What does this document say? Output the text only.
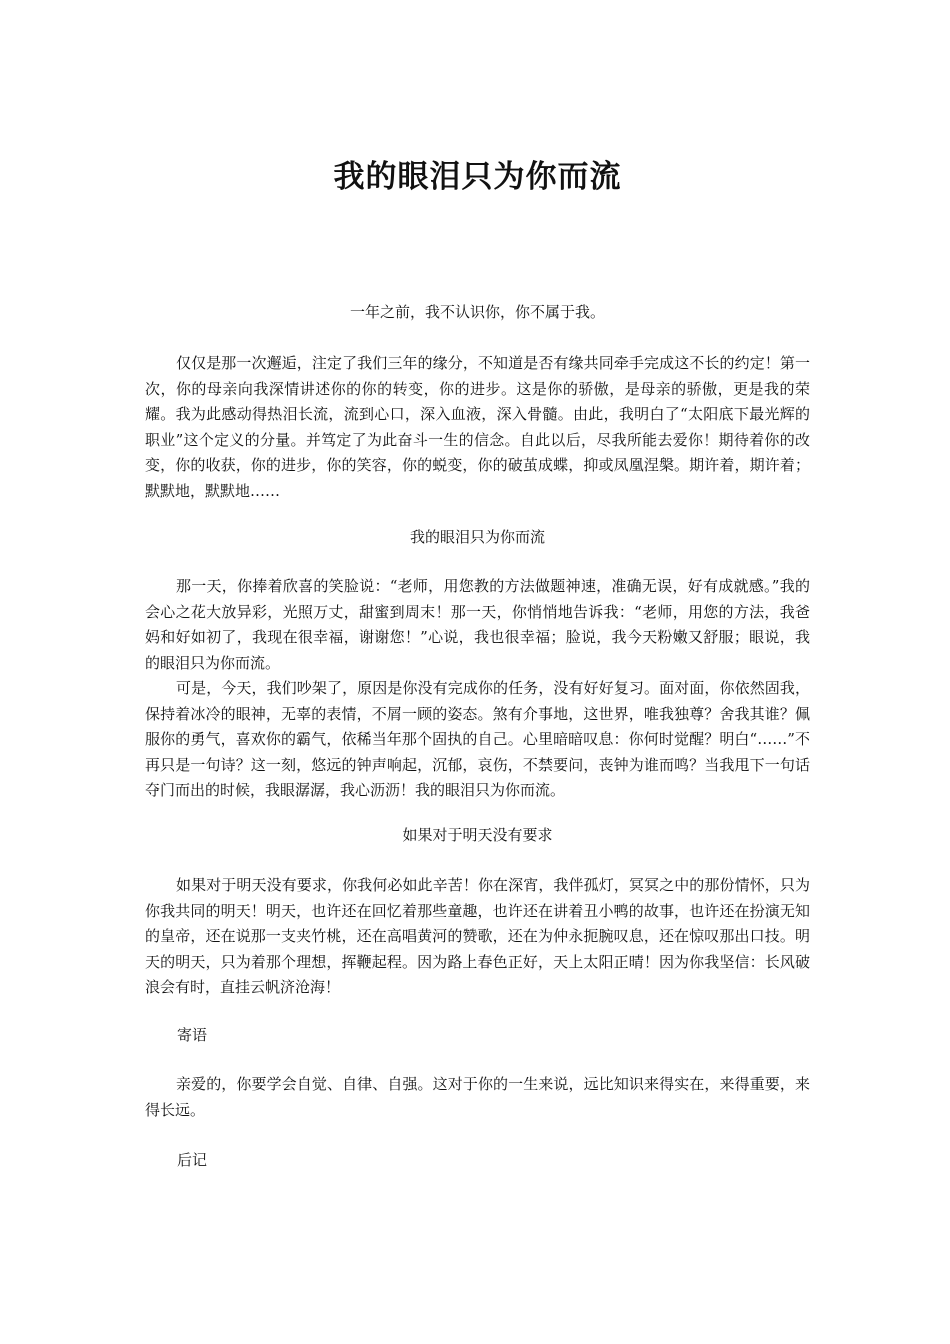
我的眼泪只为你而流

一年之前，我不认识你，你不属于我。

仅仅是那一次邂逅，注定了我们三年的缘分，不知道是否有缘共同牵手完成这不长的约定！第一次，你的母亲向我深情讲述你的你的转变，你的进步。这是你的骄傲，是母亲的骄傲，更是我的荣耀。我为此感动得热泪长流，流到心口，深入血液，深入骨髓。由此，我明白了“太阳底下最光辉的职业”这个定义的分量。并笃定了为此奋斗一生的信念。自此以后，尽我所能去爱你！期待着你的改变，你的收获，你的进步，你的笑容，你的蜕变，你的破茧成蝶，抑或凤凰涅槃。期许着，期许着；默默地，默默地……

我的眼泪只为你而流

那一天，你捧着欣喜的笑脸说：“老师，用您教的方法做题神速，准确无误，好有成就感。”我的会心之花大放异彩，光照万丈，甜蜜到周末！那一天，你悄悄地告诉我：“老师，用您的方法，我爸妈和好如初了，我现在很幸福，谢谢您！”心说，我也很幸福；脸说，我今天粉嫩又舒服；眼说，我的眼泪只为你而流。

可是，今天，我们吵架了，原因是你没有完成你的任务，没有好好复习。面对面，你依然固我，保持着冰冷的眼神，无辜的表情，不屑一顾的姿态。煞有介事地，这世界，唯我独尊？舍我其谁？佩服你的勇气，喜欢你的霸气，依稀当年那个固执的自己。心里暗暗叹息：你何时觉醒？明白“……”不再只是一句诗？这一刻，悠远的钟声响起，沉郁，哀伤，不禁要问，丧钟为谁而鸣？当我甩下一句话夺门而出的时候，我眼潺潺，我心沥沥！我的眼泪只为你而流。

如果对于明天没有要求

如果对于明天没有要求，你我何必如此辛苦！你在深宵，我伴孤灯，冥冥之中的那份情怀，只为你我共同的明天！明天，也许还在回忆着那些童趣，也许还在讲着丑小鸭的故事，也许还在扮演无知的皇帝，还在说那一支夹竹桃，还在高唱黄河的赞歌，还在为仲永扼腕叹息，还在惊叹那出口技。明天的明天，只为着那个理想，挥鞭起程。因为路上春色正好，天上太阳正晴！因为你我坚信：长风破浪会有时，直挂云帆济沧海！

寄语

亲爱的，你要学会自觉、自律、自强。这对于你的一生来说，远比知识来得实在，来得重要，来得长远。

后记
